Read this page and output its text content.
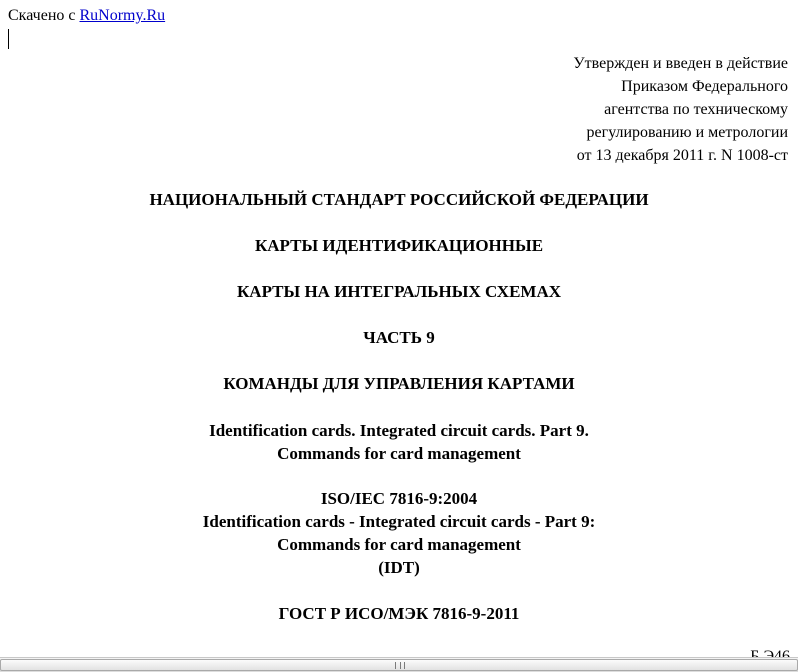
Скачено с RuNormy.Ru
Утвержден и введен в действие
Приказом Федерального
агентства по техническому
регулированию и метрологии
от 13 декабря 2011 г. N 1008-ст
НАЦИОНАЛЬНЫЙ СТАНДАРТ РОССИЙСКОЙ ФЕДЕРАЦИИ
КАРТЫ ИДЕНТИФИКАЦИОННЫЕ
КАРТЫ НА ИНТЕГРАЛЬНЫХ СХЕМАХ
ЧАСТЬ 9
КОМАНДЫ ДЛЯ УПРАВЛЕНИЯ КАРТАМИ
Identification cards. Integrated circuit cards. Part 9.
Commands for card management
ISO/IEC 7816-9:2004
Identification cards - Integrated circuit cards - Part 9:
Commands for card management
(IDT)
ГОСТ Р ИСО/МЭК 7816-9-2011
